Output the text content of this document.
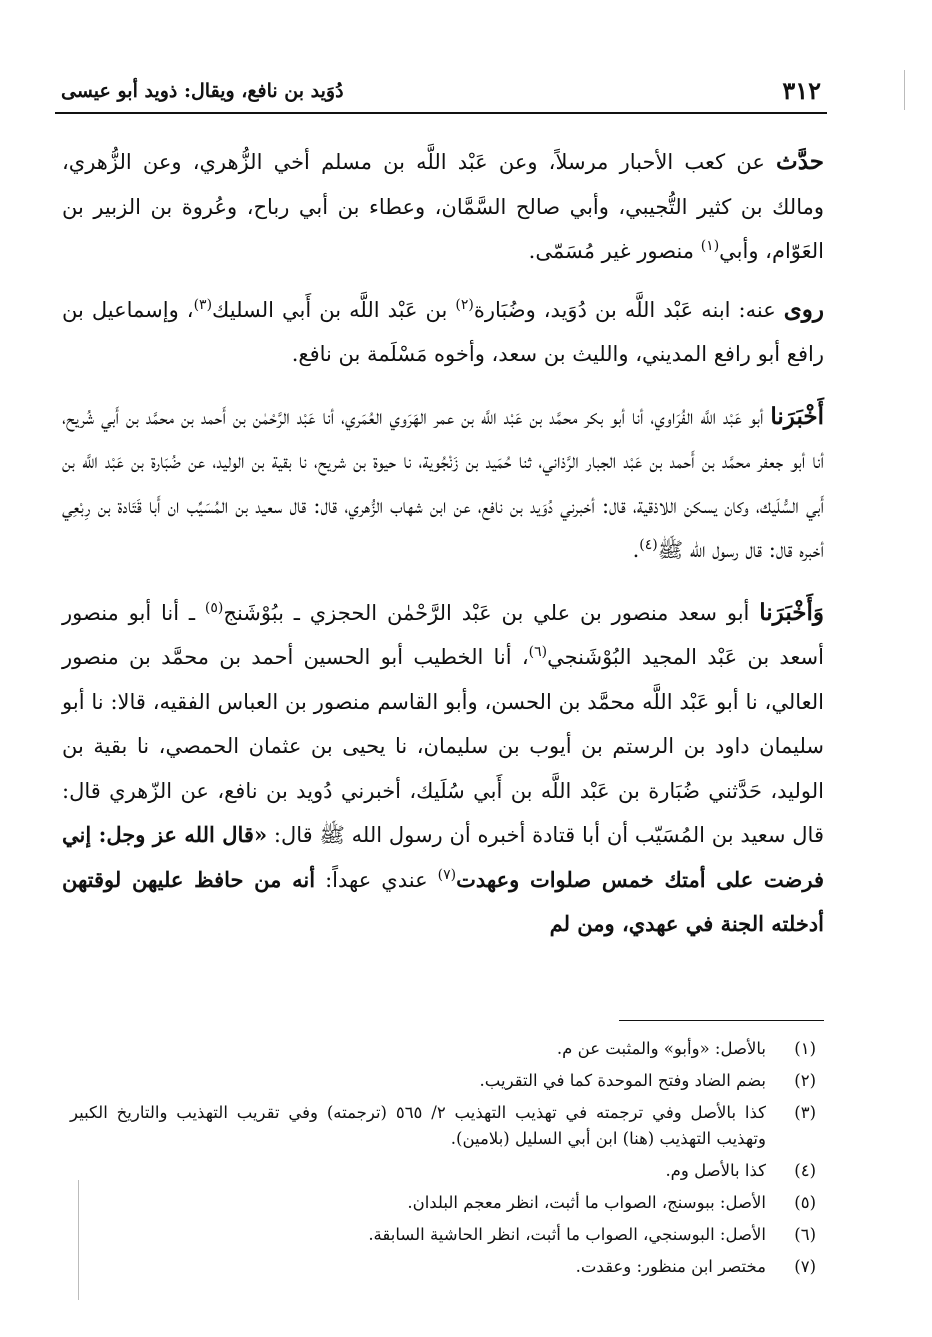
٣١٢
دُوَيد بن نافع، ويقال: ذويد أبو عيسى

حدَّث عن كعب الأحبار مرسلاً، وعن عَبْد اللَّه بن مسلم أخي الزُّهري، وعن الزُّهري، ومالك بن كثير التُّجيبي، وأبي صالح السَّمَّان، وعطاء بن أبي رباح، وعُروة بن الزبير بن العَوّام، وأبي$^{(١)}$ منصور غير مُسَمّى.

روى عنه: ابنه عَبْد اللَّه بن دُوَيد، وضُبَارة$^{(٢)}$ بن عَبْد اللَّه بن أَبي السليك$^{(٣)}$، وإسماعيل بن رافع أبو رافع المديني، والليث بن سعد، وأخوه مَسْلَمة بن نافع.

أَخْبَرَنا أبو عَبْد اللَّه الفُرَاوي، أنا أبو بكر محمَّد بن عَبْد اللَّه بن عمر الهَرَوي العُمَري، أنا عَبْد الرَّحْمٰن بن أَحمد بن محمَّد بن أَبي شُريح، أنا أبو جعفر محمَّد بن أَحمد بن عَبْد الجبار الرَّذاني، ثنا حُمَيد بن زَنْجُوية، نا حيوة بن شريح، نا بقية بن الوليد، عن ضُبَارة بن عَبْد اللَّه بن أَبي السُّلَيك، وكان يسكن اللاذقية، قال: أخبرني دُوَيد بن نافع، عن ابن شهاب الزُّهري، قال: قال سعيد بن المُسَيِّب ان أَبا قَتَادة بن رِبْعِي أخبره قال: قال رسول الله ﷺ$^{(٤)}$.

وَأَخْبَرَنا أبو سعد منصور بن علي بن عَبْد الرَّحْمٰن الحجزي ـ ببُوْشَنج$^{(٥)}$ ـ أنا أبو منصور أسعد بن عَبْد المجيد البُوْشَنجي$^{(٦)}$، أنا الخطيب أبو الحسين أحمد بن محمَّد بن منصور العالي، نا أبو عَبْد اللَّه محمَّد بن الحسن، وأبو القاسم منصور بن العباس الفقيه، قالا: نا أبو سليمان داود بن الرستم بن أيوب بن سليمان، نا يحيى بن عثمان الحمصي، نا بقية بن الوليد، حَدَّثني ضُبَارة بن عَبْد اللَّه بن أَبي سُلَيك، أخبرني دُويد بن نافع، عن الزّهري قال: قال سعيد بن المُسَيّب أن أبا قتادة أخبره أن رسول الله ﷺ قال: «قال الله عز وجل: إني فرضت على أمتك خمس صلوات وعهدت$^{(٧)}$ عندي عهداً: أنه من حافظ عليهن لوقتهن أدخلته الجنة في عهدي، ومن لم

(١)
بالأصل: «وأبو» والمثبت عن م.
(٢)
بضم الضاد وفتح الموحدة كما في التقريب.
(٣)
كذا بالأصل وفي ترجمته في تهذيب التهذيب ٢/ ٥٦٥ (ترجمته) وفي تقريب التهذيب والتاريخ الكبير وتهذيب التهذيب (هنا) ابن أبي السليل (بلامين).
(٤)
كذا بالأصل وم.
(٥)
الأصل: ببوسنج، الصواب ما أثبت، انظر معجم البلدان.
(٦)
الأصل: البوسنجي، الصواب ما أثبت، انظر الحاشية السابقة.
(٧)
مختصر ابن منظور: وعقدت.
